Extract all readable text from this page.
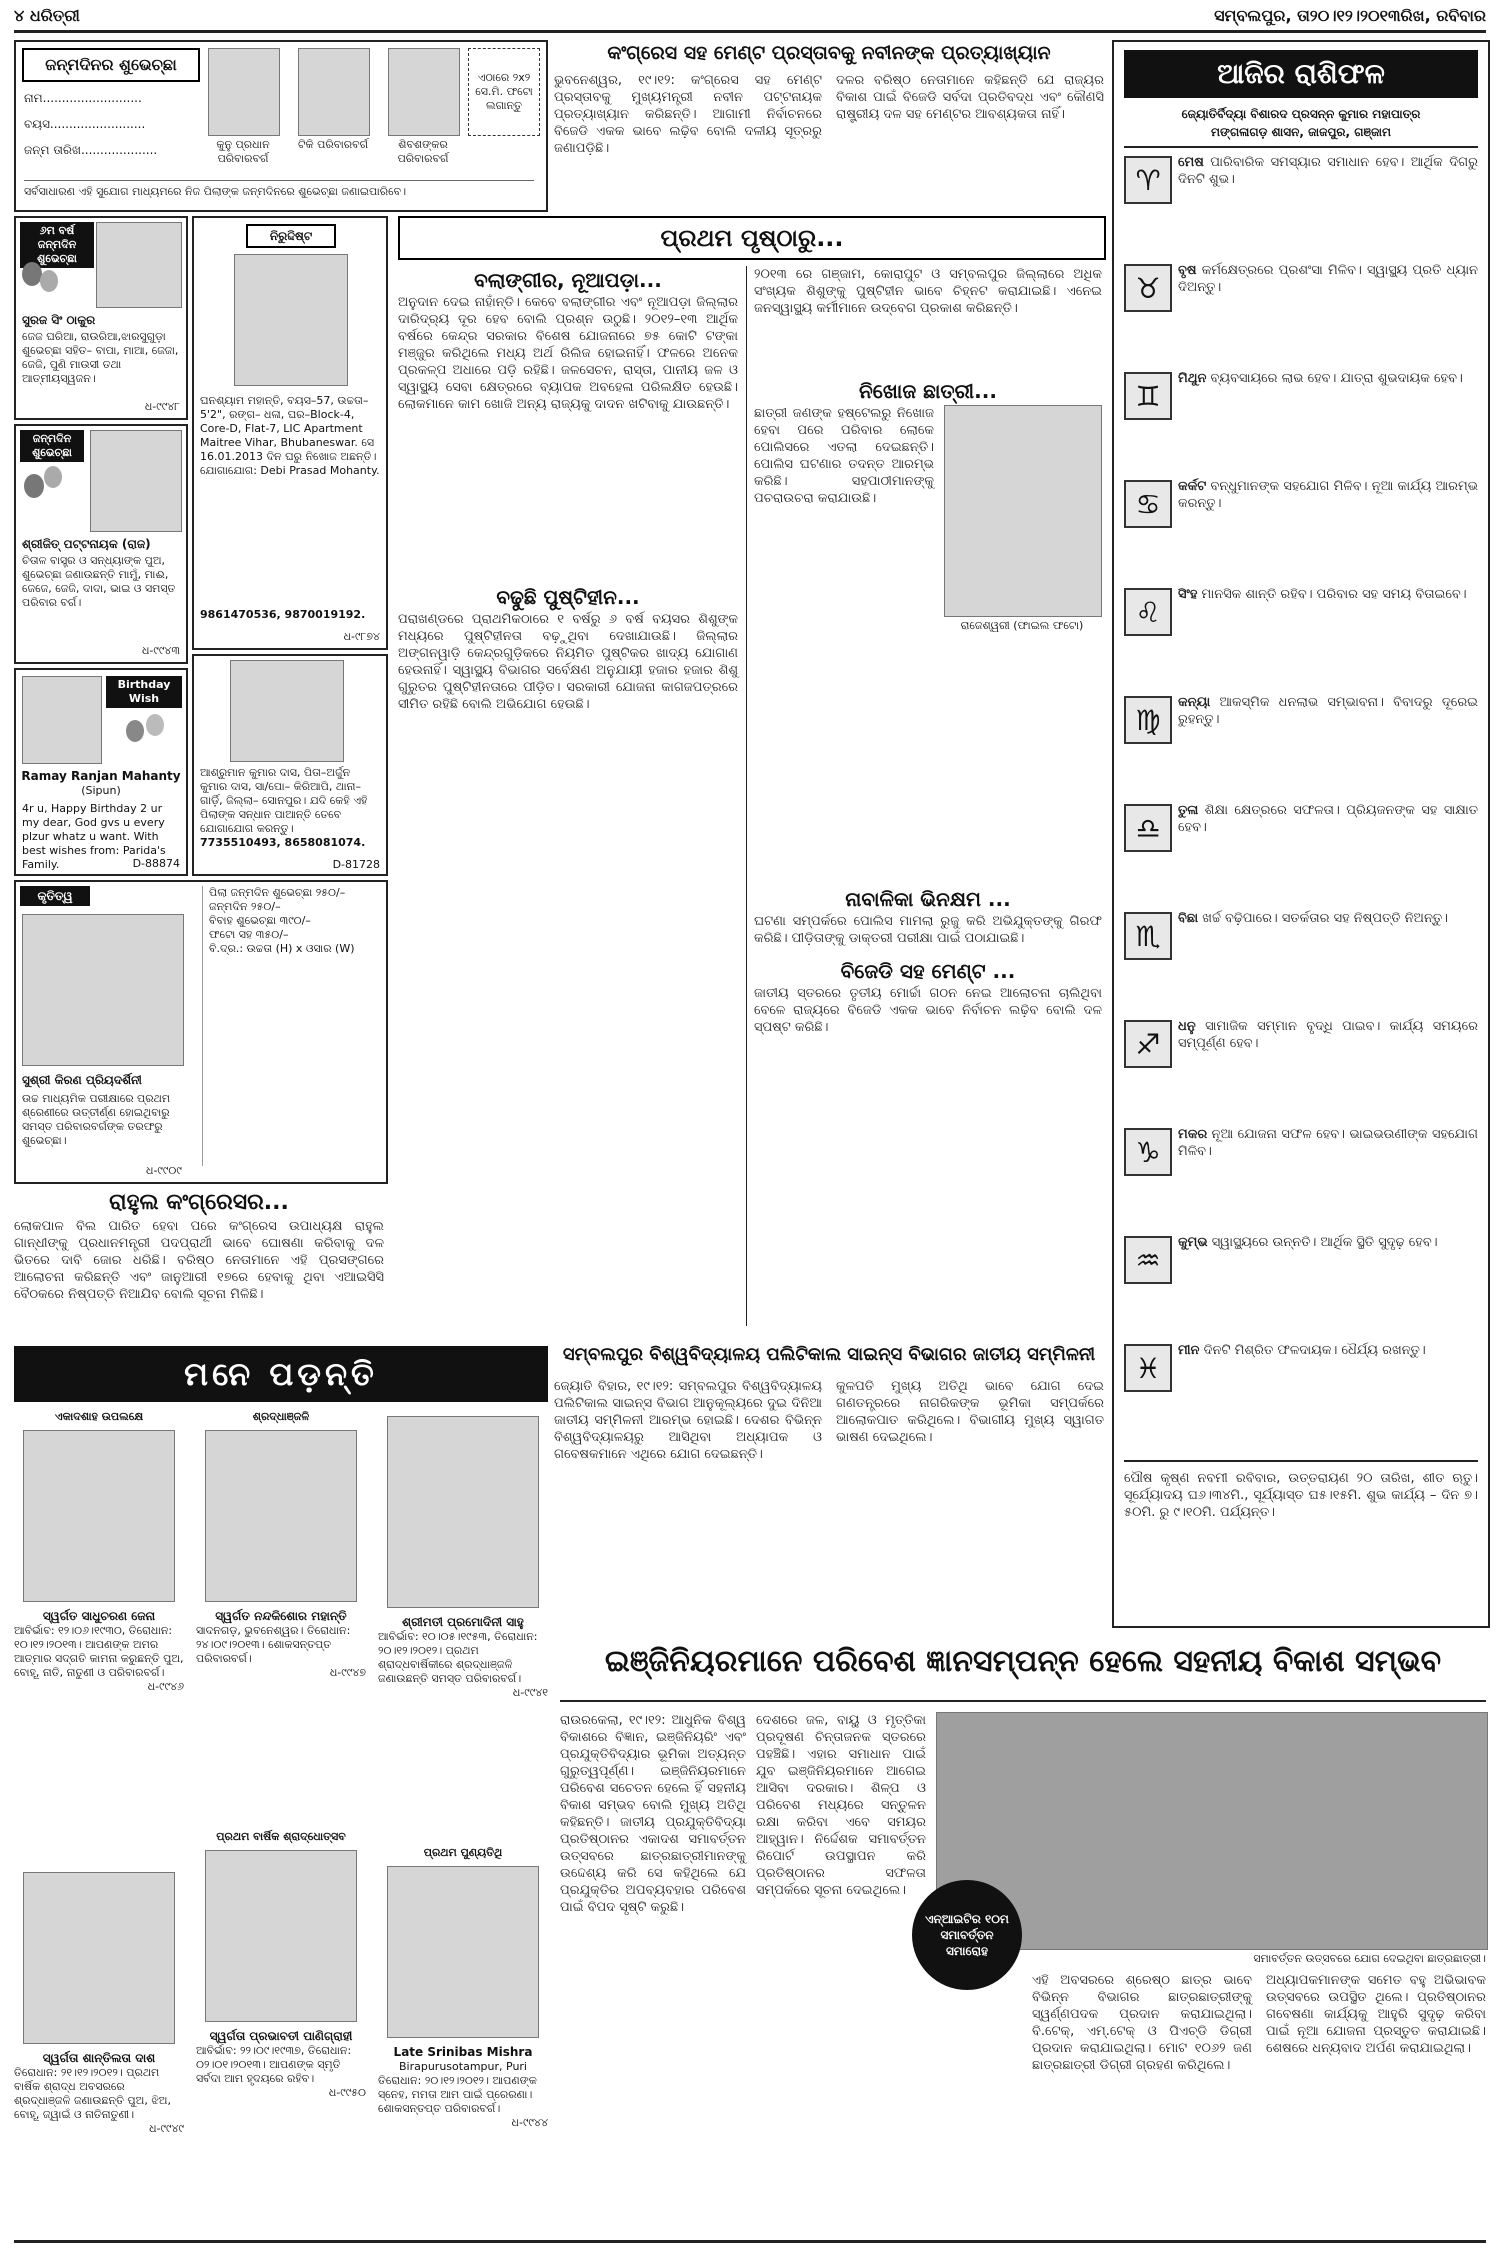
୪ ଧରିତ୍ରୀ	ସମ୍ବଲପୁର, ତା୨୦।୧୨।୨୦୧୩ରିଖ, ରବିବାର
ଜନ୍ମଦିନର ଶୁଭେଚ୍ଛା
ନାମ..........................
ବୟସ.........................
ଜନ୍ମ ତାରିଖ....................	କୁନୁ ପ୍ରଧାନ ପରିବାରବର୍ଗ
ଟିକି ପରିବାରବର୍ଗ	ଶିବଶଙ୍କର ପରିବାରବର୍ଗ
ଏଠାରେ ୨x୨ ସେ.ମି. ଫଟୋ ଲଗାନ୍ତୁ
ସର୍ବସାଧାରଣ ଏହି ସୁଯୋଗ ମାଧ୍ୟମରେ ନିଜ ପିଲାଙ୍କ ଜନ୍ମଦିନରେ ଶୁଭେଚ୍ଛା ଜଣାଇପାରିବେ।
କଂଗ୍ରେସ ସହ ମେଣ୍ଟ ପ୍ରସ୍ତାବକୁ ନବୀନଙ୍କ ପ୍ରତ୍ୟାଖ୍ୟାନ
ଭୁବନେଶ୍ୱର, ୧୯।୧୨: କଂଗ୍ରେସ ସହ ମେଣ୍ଟ ପ୍ରସ୍ତାବକୁ ମୁଖ୍ୟମନ୍ତ୍ରୀ ନବୀନ ପଟ୍ଟନାୟକ ପ୍ରତ୍ୟାଖ୍ୟାନ କରିଛନ୍ତି। ଆଗାମୀ ନିର୍ବାଚନରେ ବିଜେଡି ଏକକ ଭାବେ ଲଢ଼ିବ ବୋଲି ଦଳୀୟ ସୂତ୍ରରୁ ଜଣାପଡ଼ିଛି।
ଦଳର ବରିଷ୍ଠ ନେତାମାନେ କହିଛନ୍ତି ଯେ ରାଜ୍ୟର ବିକାଶ ପାଇଁ ବିଜେଡି ସର୍ବଦା ପ୍ରତିବଦ୍ଧ ଏବଂ କୌଣସି ରାଷ୍ଟ୍ରୀୟ ଦଳ ସହ ମେଣ୍ଟର ଆବଶ୍ୟକତା ନାହିଁ।
ଆଜିର ରାଶିଫଳ
ଜ୍ୟୋତିର୍ବିଦ୍ୟା ବିଶାରଦ ପ୍ରସନ୍ନ କୁମାର ମହାପାତ୍ର
ମଙ୍ଗଳାଗଡ଼ ଶାସନ, ଜାଜପୁର, ଗଞ୍ଜାମ
♈
ମେଷ ପାରିବାରିକ ସମସ୍ୟାର ସମାଧାନ ହେବ। ଆର୍ଥିକ ଦିଗରୁ ଦିନଟି ଶୁଭ।
♉
ବୃଷ କର୍ମକ୍ଷେତ୍ରରେ ପ୍ରଶଂସା ମିଳିବ। ସ୍ୱାସ୍ଥ୍ୟ ପ୍ରତି ଧ୍ୟାନ ଦିଅନ୍ତୁ।
♊
ମିଥୁନ ବ୍ୟବସାୟରେ ଲାଭ ହେବ। ଯାତ୍ରା ଶୁଭଦାୟକ ହେବ।
♋
କର୍କଟ ବନ୍ଧୁମାନଙ୍କ ସହଯୋଗ ମିଳିବ। ନୂଆ କାର୍ଯ୍ୟ ଆରମ୍ଭ କରନ୍ତୁ।
♌
ସିଂହ ମାନସିକ ଶାନ୍ତି ରହିବ। ପରିବାର ସହ ସମୟ ବିତାଇବେ।
♍
କନ୍ୟା ଆକସ୍ମିକ ଧନଲାଭ ସମ୍ଭାବନା। ବିବାଦରୁ ଦୂରେଇ ରୁହନ୍ତୁ।
♎
ତୁଳା ଶିକ୍ଷା କ୍ଷେତ୍ରରେ ସଫଳତା। ପ୍ରିୟଜନଙ୍କ ସହ ସାକ୍ଷାତ ହେବ।
♏
ବିଛା ଖର୍ଚ୍ଚ ବଢ଼ିପାରେ। ସତର୍କତାର ସହ ନିଷ୍ପତ୍ତି ନିଅନ୍ତୁ।
♐
ଧନୁ ସାମାଜିକ ସମ୍ମାନ ବୃଦ୍ଧି ପାଇବ। କାର୍ଯ୍ୟ ସମୟରେ ସମ୍ପୂର୍ଣ୍ଣ ହେବ।
♑
ମକର ନୂଆ ଯୋଜନା ସଫଳ ହେବ। ଭାଇଭଉଣୀଙ୍କ ସହଯୋଗ ମିଳିବ।
♒
କୁମ୍ଭ ସ୍ୱାସ୍ଥ୍ୟରେ ଉନ୍ନତି। ଆର୍ଥିକ ସ୍ଥିତି ସୁଦୃଢ଼ ହେବ।
♓
ମୀନ ଦିନଟି ମିଶ୍ରିତ ଫଳଦାୟକ। ଧୈର୍ଯ୍ୟ ରଖନ୍ତୁ।
ପୌଷ କୃଷ୍ଣ ନବମୀ ରବିବାର, ଉତ୍ତରାୟଣ ୨୦ ତାରିଖ, ଶୀତ ଋତୁ। ସୂର୍ଯ୍ୟୋଦୟ ଘ୬।୩୪ମି., ସୂର୍ଯ୍ୟାସ୍ତ ଘ୫।୧୫ମି. ଶୁଭ କାର୍ଯ୍ୟ – ଦିନ ୭।୫୦ମି. ରୁ ୯।୧୦ମି. ପର୍ଯ୍ୟନ୍ତ।
୬ମ ବର୍ଷ ଜନ୍ମଦିନ ଶୁଭେଚ୍ଛା
ସୁରଜ ସିଂ ଠାକୁର
ଜେଜ ଘରିଆ, ରାଉରିଆ,ଝାରସୁଗୁଡ଼ା ଶୁଭେଚ୍ଛା ସହିତ– ବାପା, ମାଆ, ଜେଜା, ଜେଜି, ପୁଣି ମାଉସୀ ତଥା ଆତ୍ମୀୟସ୍ୱଜନ।
ଧ-୯୯୪୮
ଜନ୍ମଦିନ ଶୁଭେଚ୍ଛା
ଶ୍ରୀଜିତ୍ ପଟ୍ଟନାୟକ (ରାଜ)
ଚିତାଳ ବାସ୍ତ୍ର ଓ ସନ୍ଧ୍ୟାଙ୍କ ପୁଅ, ଶୁଭେଚ୍ଛା ଜଣାଉଛନ୍ତି ମାମୁଁ, ମାଈ, ଜେଜେ, ଜେଜି, ଦାଦା, ଭାଇ ଓ ସମସ୍ତ ପରିବାର ବର୍ଗ।
ଧ-୯୯୪୩
Birthday Wish
Ramay Ranjan Mahanty
(Sipun)
4r u, Happy Birthday 2 ur my dear, God gvs u every plzur whatz u want. With best wishes from: Parida's Family.	D-88874
କୃତିତ୍ୱ
ସୁଶ୍ରୀ କିରଣ ପ୍ରିୟଦର୍ଶିନୀ
ଉଚ୍ଚ ମାଧ୍ୟମିକ ପରୀକ୍ଷାରେ ପ୍ରଥମ ଶ୍ରେଣୀରେ ଉତ୍ତୀର୍ଣ୍ଣ ହୋଇଥିବାରୁ ସମସ୍ତ ପରିବାରବର୍ଗଙ୍କ ତରଫରୁ ଶୁଭେଚ୍ଛା।
ଧ-୯୯୦୯
ପିଲା ଜନ୍ମଦିନ ଶୁଭେଚ୍ଛା ୨୫୦/–
ଜନ୍ମଦିନ ୨୫୦/–
ବିବାହ ଶୁଭେଚ୍ଛା ୩୯୦/–
ଫଟୋ ସହ ୩୫୦/–
ବି.ଦ୍ର.: ଉଚ୍ଚତା (H) x ଓସାର (W)
ନିରୁଦ୍ଦିଷ୍ଟ
ଘନଶ୍ୟାମ ମହାନ୍ତି, ବୟସ–57, ଉଚ୍ଚତା–5'2", ରଙ୍ଗ– ଧଳା, ଘର–Block-4, Core-D, Flat-7, LIC Apartment Maitree Vihar, Bhubaneswar. ସେ 16.01.2013 ଦିନ ଘରୁ ନିଖୋଜ ଅଛନ୍ତି। ଯୋଗାଯୋଗ: Debi Prasad Mohanty.
9861470536, 9870019192.
ଧ-୯୮୭୪
ଆଶ୍ରୁମାନ କୁମାର ଦାସ, ପିତା–ଅର୍ଜୁନ କୁମାର ଦାସ, ସା/ପୋ– କିରିଆପି, ଥାନା– ଗାର୍ଡ଼ି, ଜିଲ୍ଲା– ସୋନପୁର। ଯଦି କେହି ଏହି ପିଲାଙ୍କ ସନ୍ଧାନ ପାଆନ୍ତି ତେବେ ଯୋଗାଯୋଗ କରନ୍ତୁ।
7735510493, 8658081074.
D-81728
ରାହୁଲ କଂଗ୍ରେସର...
ଲୋକପାଳ ବିଲ ପାରିତ ହେବା ପରେ କଂଗ୍ରେସ ଉପାଧ୍ୟକ୍ଷ ରାହୁଲ ଗାନ୍ଧୀଙ୍କୁ ପ୍ରଧାନମନ୍ତ୍ରୀ ପଦପ୍ରାର୍ଥୀ ଭାବେ ଘୋଷଣା କରିବାକୁ ଦଳ ଭିତରେ ଦାବି ଜୋର ଧରିଛି। ବରିଷ୍ଠ ନେତାମାନେ ଏହି ପ୍ରସଙ୍ଗରେ ଆଲୋଚନା କରିଛନ୍ତି ଏବଂ ଜାନୁଆରୀ ୧୭ରେ ହେବାକୁ ଥିବା ଏଆଇସିସି ବୈଠକରେ ନିଷ୍ପତ୍ତି ନିଆଯିବ ବୋଲି ସୂଚନା ମିଳିଛି।
ପ୍ରଥମ ପୃଷ୍ଠାରୁ...
ବଲାଙ୍ଗୀର, ନୂଆପଡ଼ା...
ଅନୁଦାନ ଦେଇ ନାହାଁନ୍ତି। କେବେ ବଲାଙ୍ଗୀର ଏବଂ ନୂଆପଡ଼ା ଜିଲ୍ଲାର ଦାରିଦ୍ର୍ୟ ଦୂର ହେବ ବୋଲି ପ୍ରଶ୍ନ ଉଠୁଛି। ୨୦୧୨–୧୩ ଆର୍ଥିକ ବର୍ଷରେ କେନ୍ଦ୍ର ସରକାର ବିଶେଷ ଯୋଜନାରେ ୭୫ କୋଟି ଟଙ୍କା ମଞ୍ଜୁର କରିଥିଲେ ମଧ୍ୟ ଅର୍ଥ ରିଲିଜ ହୋଇନାହିଁ। ଫଳରେ ଅନେକ ପ୍ରକଳ୍ପ ଅଧାରେ ପଡ଼ି ରହିଛି। ଜଳସେଚନ, ରାସ୍ତା, ପାନୀୟ ଜଳ ଓ ସ୍ୱାସ୍ଥ୍ୟ ସେବା କ୍ଷେତ୍ରରେ ବ୍ୟାପକ ଅବହେଳା ପରିଲକ୍ଷିତ ହେଉଛି। ଲୋକମାନେ କାମ ଖୋଜି ଅନ୍ୟ ରାଜ୍ୟକୁ ଦାଦନ ଖଟିବାକୁ ଯାଉଛନ୍ତି।
ବଢୁଛି ପୁଷ୍ଟିହୀନ...
ପରାଖଣ୍ଡରେ ପ୍ରାଥମିକଠାରେ ୧ ବର୍ଷରୁ ୬ ବର୍ଷ ବୟସର ଶିଶୁଙ୍କ ମଧ୍ୟରେ ପୁଷ୍ଟିହୀନତା ବଢ଼ୁଥିବା ଦେଖାଯାଉଛି। ଜିଲ୍ଲାର ଅଙ୍ଗନୱାଡ଼ି କେନ୍ଦ୍ରଗୁଡ଼ିକରେ ନିୟମିତ ପୁଷ୍ଟିକର ଖାଦ୍ୟ ଯୋଗାଣ ହେଉନାହିଁ। ସ୍ୱାସ୍ଥ୍ୟ ବିଭାଗର ସର୍ବେକ୍ଷଣ ଅନୁଯାୟୀ ହଜାର ହଜାର ଶିଶୁ ଗୁରୁତର ପୁଷ୍ଟିହୀନତାରେ ପୀଡ଼ିତ। ସରକାରୀ ଯୋଜନା କାଗଜପତ୍ରରେ ସୀମିତ ରହିଛି ବୋଲି ଅଭିଯୋଗ ହେଉଛି।
୨୦୧୩ ରେ ଗଞ୍ଜାମ, କୋରାପୁଟ ଓ ସମ୍ବଲପୁର ଜିଲ୍ଲାରେ ଅଧିକ ସଂଖ୍ୟକ ଶିଶୁଙ୍କୁ ପୁଷ୍ଟିହୀନ ଭାବେ ଚିହ୍ନଟ କରାଯାଇଛି। ଏନେଇ ଜନସ୍ୱାସ୍ଥ୍ୟ କର୍ମୀମାନେ ଉଦ୍‌ବେଗ ପ୍ରକାଶ କରିଛନ୍ତି।
ନିଖୋଜ ଛାତ୍ରୀ...
ଛାତ୍ରୀ ଜଣଙ୍କ ହଷ୍ଟେଲରୁ ନିଖୋଜ ହେବା ପରେ ପରିବାର ଲୋକେ ପୋଲିସରେ ଏତଲା ଦେଇଛନ୍ତି। ପୋଲିସ ଘଟଣାର ତଦନ୍ତ ଆରମ୍ଭ କରିଛି। ସହପାଠୀମାନଙ୍କୁ ପଚରାଉଚରା କରାଯାଉଛି।
ରାଜେଶ୍ୱରୀ (ଫାଇଲ ଫଟୋ)
ନାବାଳିକା ଭିନକ୍ଷମ ...
ଘଟଣା ସମ୍ପର୍କରେ ପୋଲିସ ମାମଲା ରୁଜୁ କରି ଅଭିଯୁକ୍ତଙ୍କୁ ଗିରଫ କରିଛି। ପୀଡ଼ିତାଙ୍କୁ ଡାକ୍ତରୀ ପରୀକ୍ଷା ପାଇଁ ପଠାଯାଇଛି।
ବିଜେଡି ସହ ମେଣ୍ଟ ...
ଜାତୀୟ ସ୍ତରରେ ତୃତୀୟ ମୋର୍ଚ୍ଚା ଗଠନ ନେଇ ଆଲୋଚନା ଚାଲିଥିବା ବେଳେ ରାଜ୍ୟରେ ବିଜେଡି ଏକକ ଭାବେ ନିର୍ବାଚନ ଲଢ଼ିବ ବୋଲି ଦଳ ସ୍ପଷ୍ଟ କରିଛି।
ସମ୍ବଲପୁର ବିଶ୍ୱବିଦ୍ୟାଳୟ ପଲିଟିକାଲ ସାଇନ୍ସ ବିଭାଗର ଜାତୀୟ ସମ୍ମିଳନୀ
ଜ୍ୟୋତି ବିହାର, ୧୯।୧୨: ସମ୍ବଲପୁର ବିଶ୍ୱବିଦ୍ୟାଳୟ ପଲିଟିକାଲ ସାଇନ୍ସ ବିଭାଗ ଆନୁକୂଲ୍ୟରେ ଦୁଇ ଦିନିଆ ଜାତୀୟ ସମ୍ମିଳନୀ ଆରମ୍ଭ ହୋଇଛି। ଦେଶର ବିଭିନ୍ନ ବିଶ୍ୱବିଦ୍ୟାଳୟରୁ ଆସିଥିବା ଅଧ୍ୟାପକ ଓ ଗବେଷକମାନେ ଏଥିରେ ଯୋଗ ଦେଇଛନ୍ତି।
କୁଳପତି ମୁଖ୍ୟ ଅତିଥି ଭାବେ ଯୋଗ ଦେଇ ଗଣତନ୍ତ୍ରରେ ନାଗରିକଙ୍କ ଭୂମିକା ସମ୍ପର୍କରେ ଆଲୋକପାତ କରିଥିଲେ। ବିଭାଗୀୟ ମୁଖ୍ୟ ସ୍ୱାଗତ ଭାଷଣ ଦେଇଥିଲେ।
ମନେ ପଡ଼ନ୍ତି
ଏକାଦଶାହ ଉପଲକ୍ଷେ
ସ୍ୱର୍ଗତ ସାଧୁଚରଣ ଜେନା
ଆବିର୍ଭାବ: ୧୨।୦୬।୧୯୩୦, ତିରୋଧାନ: ୧୦।୧୨।୨୦୧୩। ଆପଣଙ୍କ ଅମର ଆତ୍ମାର ସଦ୍‌ଗତି କାମନା କରୁଛନ୍ତି ପୁଅ, ବୋହୂ, ନାତି, ନାତୁଣୀ ଓ ପରିବାରବର୍ଗ।
ଧ-୯୯୪୬
ଶ୍ରଦ୍ଧାଞ୍ଜଳି
ସ୍ୱର୍ଗତ ନନ୍ଦକିଶୋର ମହାନ୍ତି
ସାଦନଗଡ଼, ଭୁବନେଶ୍ୱର। ତିରୋଧାନ: ୨୪।୦୯।୨୦୧୩। ଶୋକସନ୍ତପ୍ତ ପରିବାରବର୍ଗ।
ଧ-୯୯୪୭
ଶ୍ରୀମତୀ ପ୍ରମୋଦିନୀ ସାହୁ
ଆବିର୍ଭାବ: ୧୦।୦୫।୧୯୫୩, ତିରୋଧାନ: ୨୦।୧୨।୨୦୧୨। ପ୍ରଥମ ଶ୍ରାଦ୍ଧବାର୍ଷିକୀରେ ଶ୍ରଦ୍ଧାଞ୍ଜଳି ଜଣାଉଛନ୍ତି ସମସ୍ତ ପରିବାରବର୍ଗ।
ଧ-୯୯୪୧
ସ୍ୱର୍ଗତା ଶାନ୍ତିଲତା ଦାଶ
ତିରୋଧାନ: ୨୧।୧୨।୨୦୧୨। ପ୍ରଥମ ବାର୍ଷିକ ଶ୍ରାଦ୍ଧ ଅବସରରେ ଶ୍ରଦ୍ଧାଞ୍ଜଳି ଜଣାଉଛନ୍ତି ପୁଅ, ଝିଅ, ବୋହୂ, ଜ୍ୱାଇଁ ଓ ନାତିନାତୁଣୀ।
ଧ-୯୯୪୯
ପ୍ରଥମ ବାର୍ଷିକ ଶ୍ରାଦ୍ଧୋତ୍ସବ
ସ୍ୱର୍ଗତା ପ୍ରଭାବତୀ ପାଣିଗ୍ରାହୀ
ଆବିର୍ଭାବ: ୨୨।୦୯।୧୯୩୭, ତିରୋଧାନ: ୦୨।୦୧।୨୦୧୩। ଆପଣଙ୍କ ସ୍ମୃତି ସର୍ବଦା ଆମ ହୃଦୟରେ ରହିବ।
ଧ-୯୯୫୦
ପ୍ରଥମ ପୁଣ୍ୟତିଥି
Late Srinibas Mishra
Birapurusotampur, Puri
ତିରୋଧାନ: ୨୦।୧୨।୨୦୧୨। ଆପଣଙ୍କ ସ୍ନେହ, ମମତା ଆମ ପାଇଁ ପ୍ରେରଣା। ଶୋକସନ୍ତପ୍ତ ପରିବାରବର୍ଗ।
ଧ-୯୯୪୪
ଇଞ୍ଜିନିୟରମାନେ ପରିବେଶ ଜ୍ଞାନସମ୍ପନ୍ନ ହେଲେ ସହନୀୟ ବିକାଶ ସମ୍ଭବ
ରାଉରକେଲା, ୧୯।୧୨: ଆଧୁନିକ ବିଶ୍ୱ ବିକାଶରେ ବିଜ୍ଞାନ, ଇଞ୍ଜିନିୟରିଂ ଏବଂ ପ୍ରଯୁକ୍ତିବିଦ୍ୟାର ଭୂମିକା ଅତ୍ୟନ୍ତ ଗୁରୁତ୍ୱପୂର୍ଣ୍ଣ। ଇଞ୍ଜିନିୟରମାନେ ପରିବେଶ ସଚେତନ ହେଲେ ହିଁ ସହନୀୟ ବିକାଶ ସମ୍ଭବ ବୋଲି ମୁଖ୍ୟ ଅତିଥି କହିଛନ୍ତି। ଜାତୀୟ ପ୍ରଯୁକ୍ତିବିଦ୍ୟା ପ୍ରତିଷ୍ଠାନର ଏକାଦଶ ସମାବର୍ତ୍ତନ ଉତ୍ସବରେ ଛାତ୍ରଛାତ୍ରୀମାନଙ୍କୁ ଉଦ୍ଦେଶ୍ୟ କରି ସେ କହିଥିଲେ ଯେ ପ୍ରଯୁକ୍ତିର ଅପବ୍ୟବହାର ପରିବେଶ ପାଇଁ ବିପଦ ସୃଷ୍ଟି କରୁଛି।
ଦେଶରେ ଜଳ, ବାୟୁ ଓ ମୃତ୍ତିକା ପ୍ରଦୂଷଣ ଚିନ୍ତାଜନକ ସ୍ତରରେ ପହଞ୍ଚିଛି। ଏହାର ସମାଧାନ ପାଇଁ ଯୁବ ଇଞ୍ଜିନିୟରମାନେ ଆଗେଇ ଆସିବା ଦରକାର। ଶିଳ୍ପ ଓ ପରିବେଶ ମଧ୍ୟରେ ସନ୍ତୁଳନ ରକ୍ଷା କରିବା ଏବେ ସମୟର ଆହ୍ୱାନ। ନିର୍ଦ୍ଦେଶକ ସମାବର୍ତ୍ତନ ରିପୋର୍ଟ ଉପସ୍ଥାପନ କରି ପ୍ରତିଷ୍ଠାନର ସଫଳତା ସମ୍ପର୍କରେ ସୂଚନା ଦେଇଥିଲେ।
ଏନ୍‌ଆଇଟିର ୧୦ମ ସମାବର୍ତ୍ତନ ସମାରୋହ
ସମାବର୍ତ୍ତନ ଉତ୍ସବରେ ଯୋଗ ଦେଇଥିବା ଛାତ୍ରଛାତ୍ରୀ।
ଏହି ଅବସରରେ ଶ୍ରେଷ୍ଠ ଛାତ୍ର ଭାବେ ବିଭିନ୍ନ ବିଭାଗର ଛାତ୍ରଛାତ୍ରୀଙ୍କୁ ସ୍ୱର୍ଣ୍ଣପଦକ ପ୍ରଦାନ କରାଯାଇଥିଲା। ବି.ଟେକ୍, ଏମ୍.ଟେକ୍ ଓ ପିଏଚ୍‌ଡି ଡିଗ୍ରୀ ପ୍ରଦାନ କରାଯାଇଥିଲା। ମୋଟ ୧୦୬୨ ଜଣ ଛାତ୍ରଛାତ୍ରୀ ଡିଗ୍ରୀ ଗ୍ରହଣ କରିଥିଲେ।
ଅଧ୍ୟାପକମାନଙ୍କ ସମେତ ବହୁ ଅଭିଭାବକ ଉତ୍ସବରେ ଉପସ୍ଥିତ ଥିଲେ। ପ୍ରତିଷ୍ଠାନର ଗବେଷଣା କାର୍ଯ୍ୟକୁ ଆହୁରି ସୁଦୃଢ଼ କରିବା ପାଇଁ ନୂଆ ଯୋଜନା ପ୍ରସ୍ତୁତ କରାଯାଇଛି। ଶେଷରେ ଧନ୍ୟବାଦ ଅର୍ପଣ କରାଯାଇଥିଲା।
